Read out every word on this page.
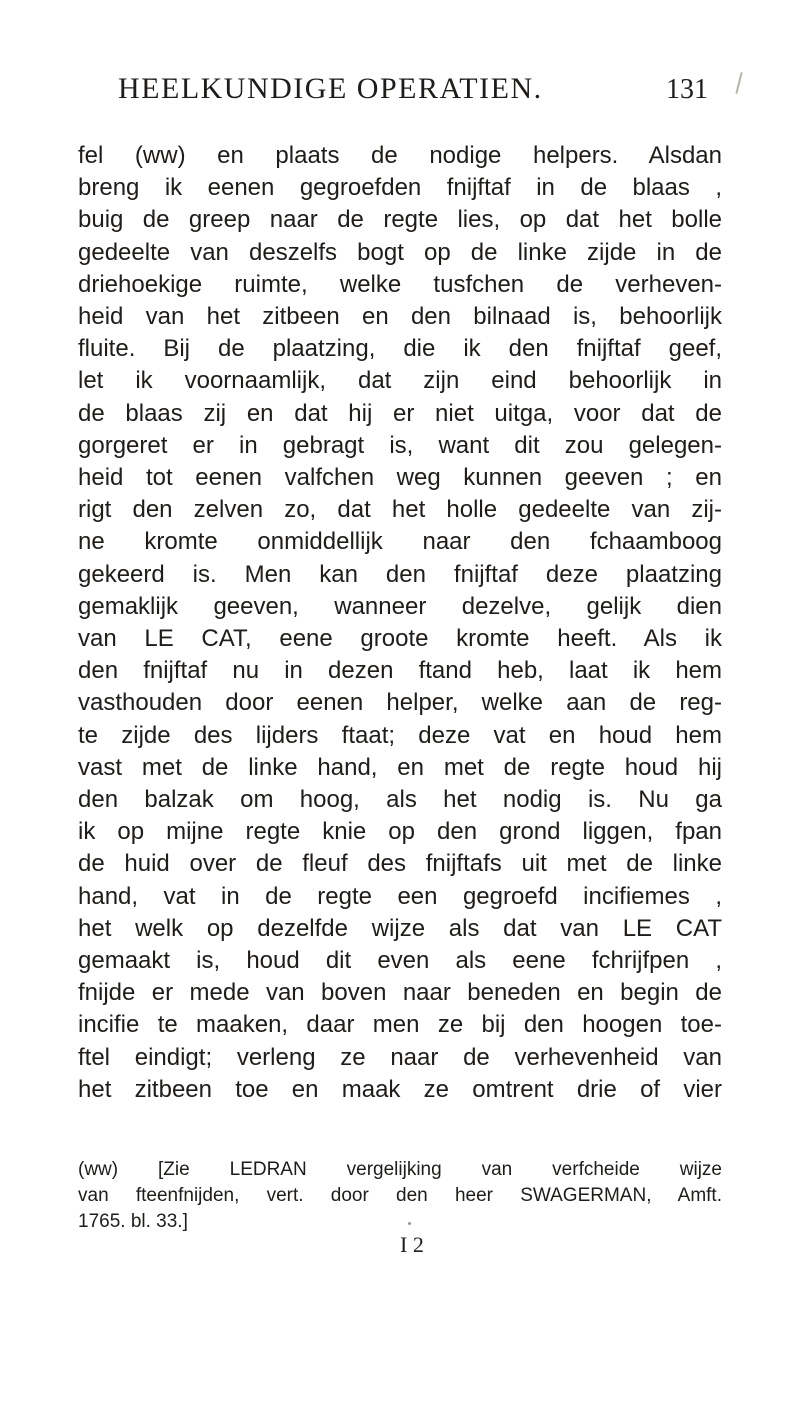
HEELKUNDIGE OPERATIEN.	131
fel (ww) en plaats de nodige helpers. Alsdan
breng ik eenen gegroefden fnijftaf in de blaas ,
buig de greep naar de regte lies, op dat het bolle
gedeelte van deszelfs bogt op de linke zijde in de
driehoekige ruimte, welke tusfchen de verheven-
heid van het zitbeen en den bilnaad is, behoorlijk
fluite. Bij de plaatzing, die ik den fnijftaf geef,
let ik voornaamlijk, dat zijn eind behoorlijk in
de blaas zij en dat hij er niet uitga, voor dat de
gorgeret er in gebragt is, want dit zou gelegen-
heid tot eenen valfchen weg kunnen geeven ; en
rigt den zelven zo, dat het holle gedeelte van zij-
ne kromte onmiddellijk naar den fchaamboog
gekeerd is. Men kan den fnijftaf deze plaatzing
gemaklijk geeven, wanneer dezelve, gelijk dien
van LE CAT, eene groote kromte heeft. Als ik
den fnijftaf nu in dezen ftand heb, laat ik hem
vasthouden door eenen helper, welke aan de reg-
te zijde des lijders ftaat; deze vat en houd hem
vast met de linke hand, en met de regte houd hij
den balzak om hoog, als het nodig is. Nu ga
ik op mijne regte knie op den grond liggen, fpan
de huid over de fleuf des fnijftafs uit met de linke
hand, vat in de regte een gegroefd incifiemes ,
het welk op dezelfde wijze als dat van LE CAT
gemaakt is, houd dit even als eene fchrijfpen ,
fnijde er mede van boven naar beneden en begin de
incifie te maaken, daar men ze bij den hoogen toe-
ftel eindigt; verleng ze naar de verhevenheid van
het zitbeen toe en maak ze omtrent drie of vier
(ww) [Zie LEDRAN vergelijking van verfcheide wijze
van fteenfnijden, vert. door den heer SWAGERMAN, Amft.
1765. bl. 33.]
I 2
